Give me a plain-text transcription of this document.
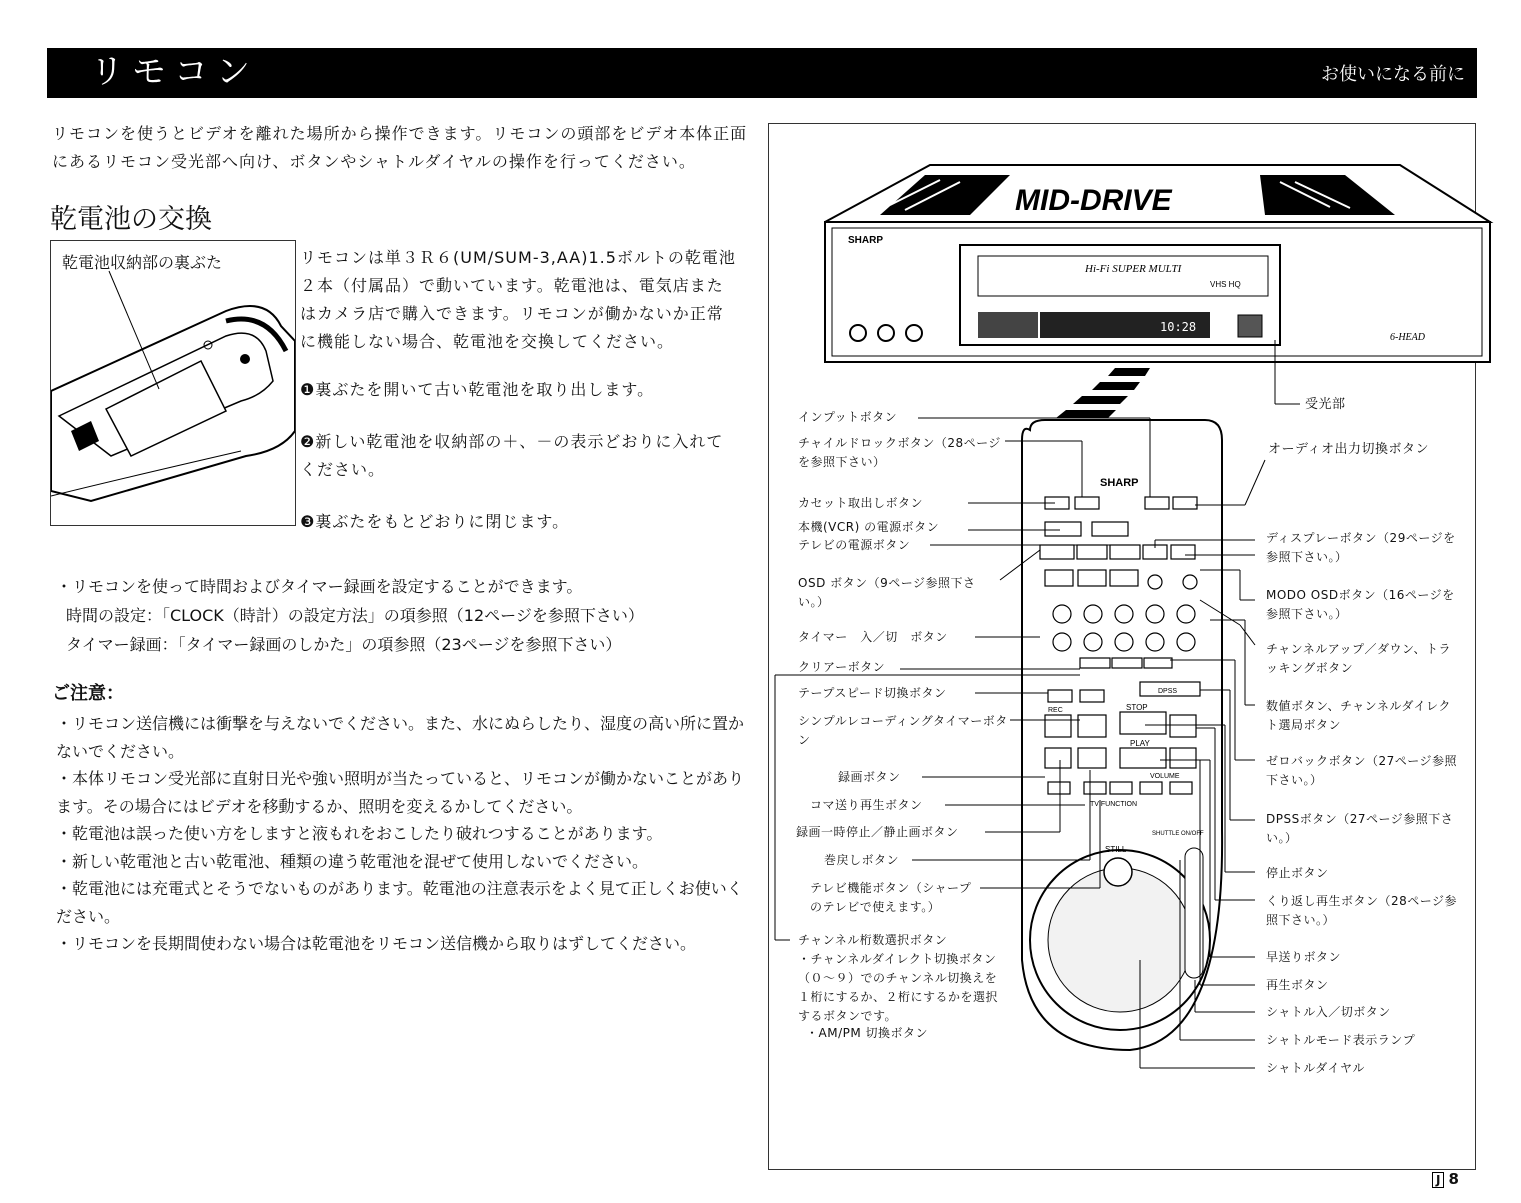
リモコン	お使いになる前に
リモコンを使うとビデオを離れた場所から操作できます。リモコンの頭部をビデオ本体正面にあるリモコン受光部へ向け、ボタンやシャトルダイヤルの操作を行ってください。
乾電池の交換
乾電池収納部の裏ぶた	リモコンは単３Ｒ６(UM/SUM-3,AA)1.5ボルトの乾電池２本（付属品）で動いています。乾電池は、電気店またはカメラ店で購入できます。リモコンが働かないか正常に機能しない場合、乾電池を交換してください。
❶裏ぶたを開いて古い乾電池を取り出します。
❷新しい乾電池を収納部の＋、－の表示どおりに入れてください。
❸裏ぶたをもとどおりに閉じます。
・リモコンを使って時間およびタイマー録画を設定することができます。
時間の設定：「CLOCK（時計）の設定方法」の項参照（12ページを参照下さい）
タイマー録画：「タイマー録画のしかた」の項参照（23ページを参照下さい）
ご注意：
・リモコン送信機には衝撃を与えないでください。また、水にぬらしたり、湿度の高い所に置かないでください。
・本体リモコン受光部に直射日光や強い照明が当たっていると、リモコンが働かないことがあります。その場合にはビデオを移動するか、照明を変えるかしてください。
・乾電池は誤った使い方をしますと液もれをおこしたり破れつすることがあります。
・新しい乾電池と古い乾電池、種類の違う乾電池を混ぜて使用しないでください。
・乾電池には充電式とそうでないものがあります。乾電池の注意表示をよく見て正しくお使いください。
・リモコンを長期間使わない場合は乾電池をリモコン送信機から取りはずしてください。
MID-DRIVE
SHARP
Hi-Fi SUPER MULTI
VHS HQ
10:28
6-HEAD
SHARP
DPSS
STOP
PLAY
REC
VOLUME
TV FUNCTION
SHUTTLE ON/OFF
STILL
インプットボタン
チャイルドロックボタン（28ページを参照下さい）
カセット取出しボタン
本機(VCR) の電源ボタン
テレビの電源ボタン
OSD ボタン（9ページ参照下さい。）
タイマー　入／切　ボタン
クリアーボタン
テープスピード切換ボタン
シンプルレコーディングタイマーボタン
録画ボタン
コマ送り再生ボタン
録画一時停止／静止画ボタン
巻戻しボタン
テレビ機能ボタン（シャープのテレビで使えます。）
チャンネル桁数選択ボタン
・チャンネルダイレクト切換ボタン（０～９）でのチャンネル切換えを１桁にするか、２桁にするかを選択するボタンです。
・AM/PM 切換ボタン
受光部
オーディオ出力切換ボタン
ディスプレーボタン（29ページを参照下さい。）
MODO OSDボタン（16ページを参照下さい。）
チャンネルアップ／ダウン、トラッキングボタン
数値ボタン、チャンネルダイレクト選局ボタン
ゼロバックボタン（27ページ参照下さい。）
DPSSボタン（27ページ参照下さい。）
停止ボタン
くり返し再生ボタン（28ページ参照下さい。）
早送りボタン
再生ボタン
シャトル入／切ボタン
シャトルモード表示ランプ
シャトルダイヤル
J 8
